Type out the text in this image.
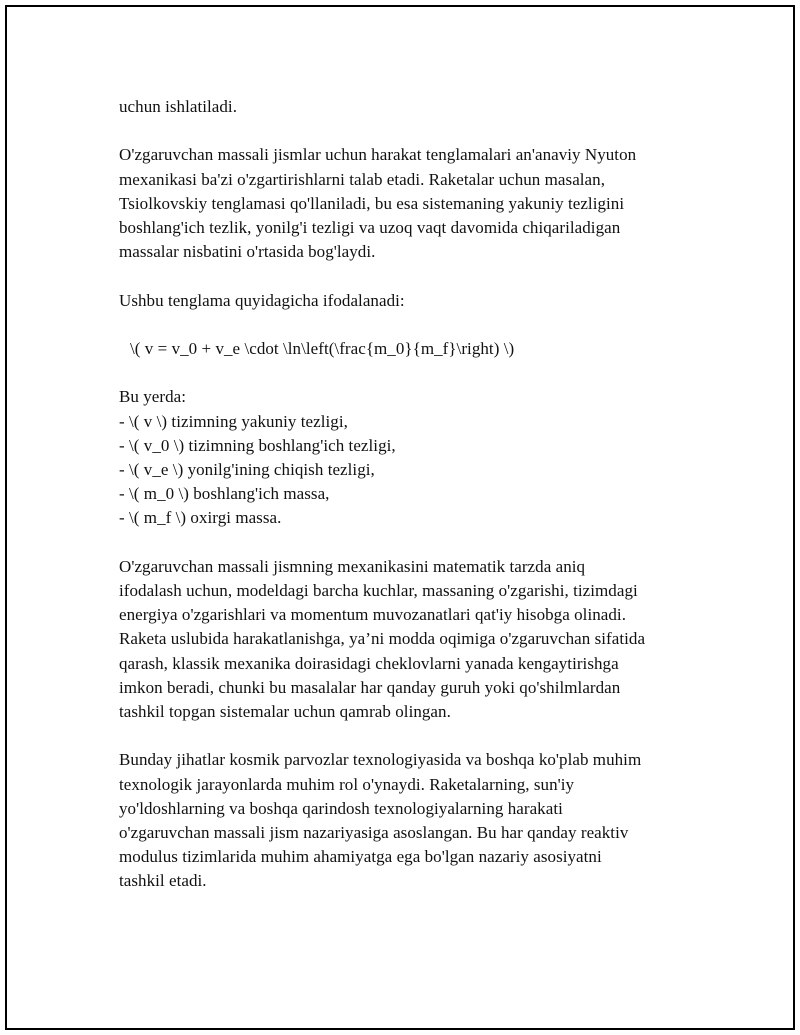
uchun ishlatiladi.

O'zgaruvchan massali jismlar uchun harakat tenglamalari an'anaviy Nyuton
mexanikasi ba'zi o'zgartirishlarni talab etadi. Raketalar uchun masalan,
Tsiolkovskiy tenglamasi qo'llaniladi, bu esa sistemaning yakuniy tezligini
boshlang'ich tezlik, yonilg'i tezligi va uzoq vaqt davomida chiqariladigan
massalar nisbatini o'rtasida bog'laydi.

Ushbu tenglama quyidagicha ifodalanadi:

\( v = v_0 + v_e \cdot \ln\left(\frac{m_0}{m_f}\right) \)

Bu yerda:
- \( v \) tizimning yakuniy tezligi,
- \( v_0 \) tizimning boshlang'ich tezligi,
- \( v_e \) yonilg'ining chiqish tezligi,
- \( m_0 \) boshlang'ich massa,
- \( m_f \) oxirgi massa.

O'zgaruvchan massali jismning mexanikasini matematik tarzda aniq
ifodalash uchun, modeldagi barcha kuchlar, massaning o'zgarishi, tizimdagi
energiya o'zgarishlari va momentum muvozanatlari qat'iy hisobga olinadi.
Raketa uslubida harakatlanishga, ya’ni modda oqimiga o'zgaruvchan sifatida
qarash, klassik mexanika doirasidagi cheklovlarni yanada kengaytirishga
imkon beradi, chunki bu masalalar har qanday guruh yoki qo'shilmlardan
tashkil topgan sistemalar uchun qamrab olingan.

Bunday jihatlar kosmik parvozlar texnologiyasida va boshqa ko'plab muhim
texnologik jarayonlarda muhim rol o'ynaydi. Raketalarning, sun'iy
yo'ldoshlarning va boshqa qarindosh texnologiyalarning harakati
o'zgaruvchan massali jism nazariyasiga asoslangan. Bu har qanday reaktiv
modulus tizimlarida muhim ahamiyatga ega bo'lgan nazariy asosiyatni
tashkil etadi.
